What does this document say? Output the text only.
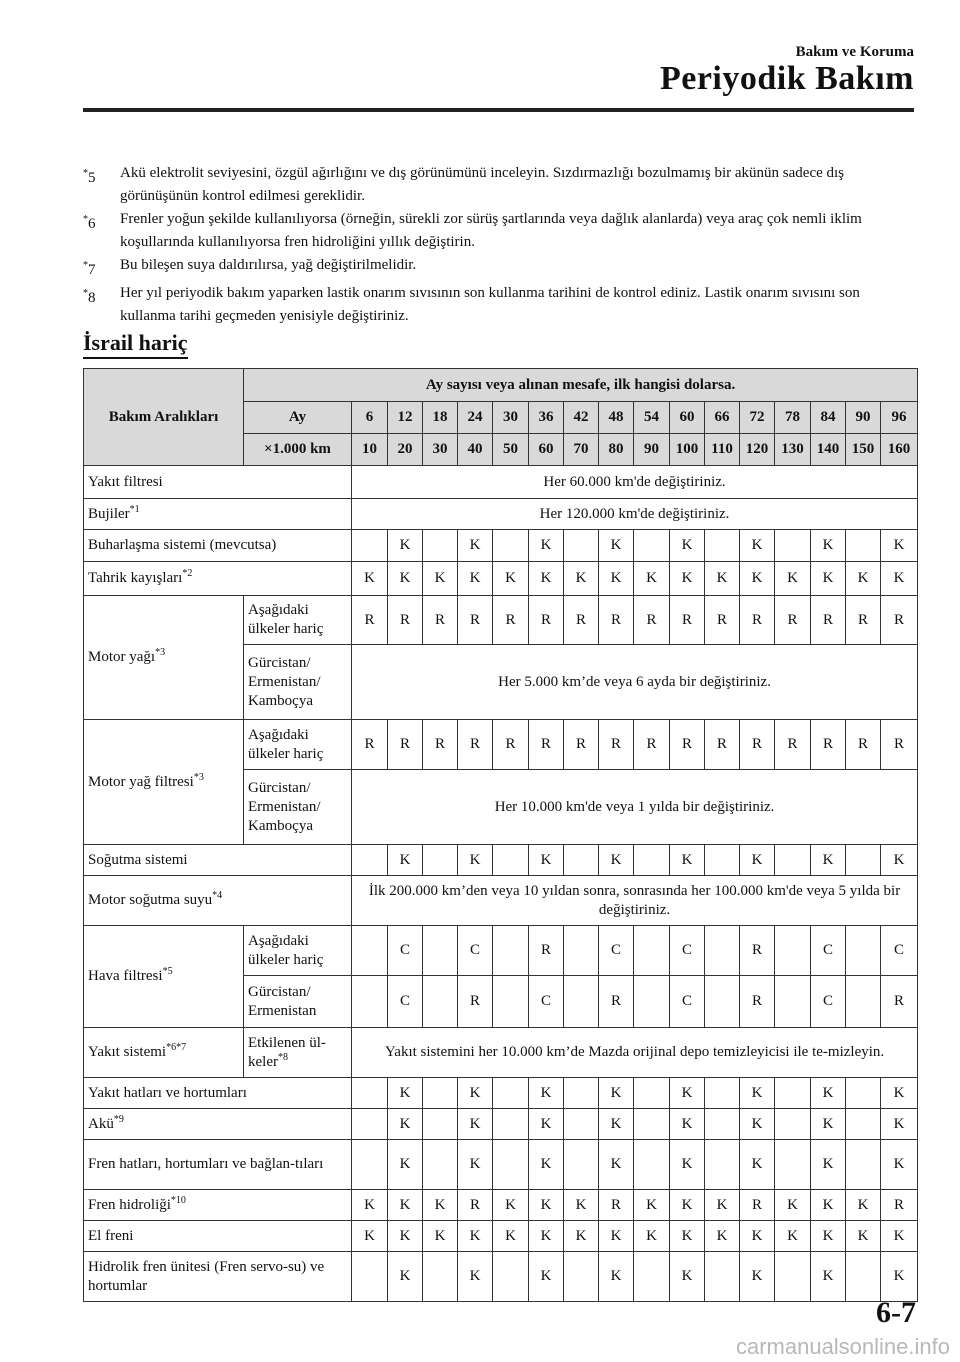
Bakım ve Koruma
Periyodik Bakım
*5	Akü elektrolit seviyesini, özgül ağırlığını ve dış görünümünü inceleyin. Sızdırmazlığı bozulmamış bir akünün sadece dış görünüşünün kontrol edilmesi gereklidir.
*6	Frenler yoğun şekilde kullanılıyorsa (örneğin, sürekli zor sürüş şartlarında veya dağlık alanlarda) veya araç çok nemli iklim koşullarında kullanılıyorsa fren hidroliğini yıllık değiştirin.
*7	Bu bileşen suya daldırılırsa, yağ değiştirilmelidir.
*8	Her yıl periyodik bakım yaparken lastik onarım sıvısının son kullanma tarihini de kontrol ediniz. Lastik onarım sıvısını son kullanma tarihi geçmeden yenisiyle değiştiriniz.
İsrail hariç
Bakım Aralıkları	Ay sayısı veya alınan mesafe, ilk hangisi dolarsa.																
	Ay	6	12	18	24	30	36	42	48	54	60	66	72	78	84	90	96
	×1.000 km	10	20	30	40	50	60	70	80	90	100	110	120	130	140	150	160
Yakıt filtresi		Her 60.000 km'de değiştiriniz.															
Bujiler$^{*1}$		Her 120.000 km'de değiştiriniz.															
Buharlaşma sistemi (mevcutsa)			K		K		K		K		K		K		K		K
Tahrik kayışları$^{*2}$		K	K	K	K	K	K	K	K	K	K	K	K	K	K	K	K
Motor yağı$^{*3}$	Aşağıdaki ülkeler hariç	R	R	R	R	R	R	R	R	R	R	R	R	R	R	R	R
	Gürcistan/ Ermenistan/ Kamboçya	Her 5.000 km’de veya 6 ayda bir değiştiriniz.															
Motor yağ filtresi$^{*3}$	Aşağıdaki ülkeler hariç	R	R	R	R	R	R	R	R	R	R	R	R	R	R	R	R
	Gürcistan/ Ermenistan/ Kamboçya	Her 10.000 km'de veya 1 yılda bir değiştiriniz.															
Soğutma sistemi			K		K		K		K		K		K		K		K
Motor soğutma suyu$^{*4}$		İlk 200.000 km’den veya 10 yıldan sonra, sonrasında her 100.000 km'de veya 5 yılda bir değiştiriniz.															
Hava filtresi$^{*5}$	Aşağıdaki ülkeler hariç		C		C		R		C		C		R		C		C
	Gürcistan/ Ermenistan		C		R		C		R		C		R		C		R
Yakıt sistemi$^{*6*7}$	Etkilenen ül-keler$^{*8}$	Yakıt sistemini her 10.000 km’de Mazda orijinal depo temizleyicisi ile te-mizleyin.															
Yakıt hatları ve hortumları			K		K		K		K		K		K		K		K
Akü$^{*9}$			K		K		K		K		K		K		K		K
Fren hatları, hortumları ve bağlan-tıları			K		K		K		K		K		K		K		K
Fren hidroliği$^{*10}$		K	K	K	R	K	K	K	R	K	K	K	R	K	K	K	R
El freni		K	K	K	K	K	K	K	K	K	K	K	K	K	K	K	K
Hidrolik fren ünitesi (Fren servo-su) ve hortumlar			K		K		K		K		K		K		K		K
6-7
carmanualsonline.info
